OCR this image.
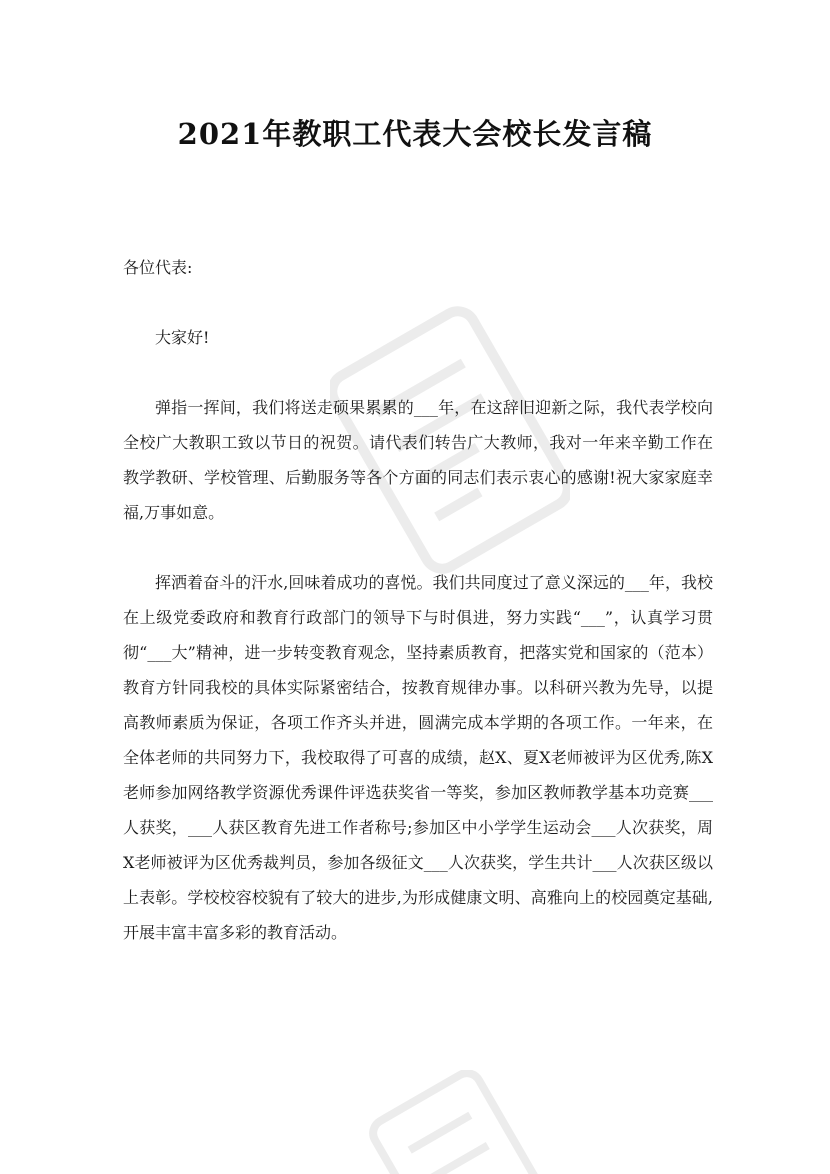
2021年教职工代表大会校长发言稿

各位代表:

大家好!

弹指一挥间，我们将送走硕果累累的___年，在这辞旧迎新之际，我代表学校向全校广大教职工致以节日的祝贺。请代表们转告广大教师，我对一年来辛勤工作在教学教研、学校管理、后勤服务等各个方面的同志们表示衷心的感谢!祝大家家庭幸福,万事如意。

挥洒着奋斗的汗水,回味着成功的喜悦。我们共同度过了意义深远的___年，我校在上级党委政府和教育行政部门的领导下与时俱进，努力实践“___”，认真学习贯彻“___大”精神，进一步转变教育观念，坚持素质教育，把落实党和国家的（范本）教育方针同我校的具体实际紧密结合，按教育规律办事。以科研兴教为先导，以提高教师素质为保证，各项工作齐头并进，圆满完成本学期的各项工作。一年来，在全体老师的共同努力下，我校取得了可喜的成绩，赵X、夏X老师被评为区优秀,陈X老师参加网络教学资源优秀课件评选获奖省一等奖，参加区教师教学基本功竞赛___人获奖，___人获区教育先进工作者称号;参加区中小学学生运动会___人次获奖，周X老师被评为区优秀裁判员，参加各级征文___人次获奖，学生共计___人次获区级以上表彰。学校校容校貌有了较大的进步,为形成健康文明、高雅向上的校园奠定基础,开展丰富丰富多彩的教育活动。
